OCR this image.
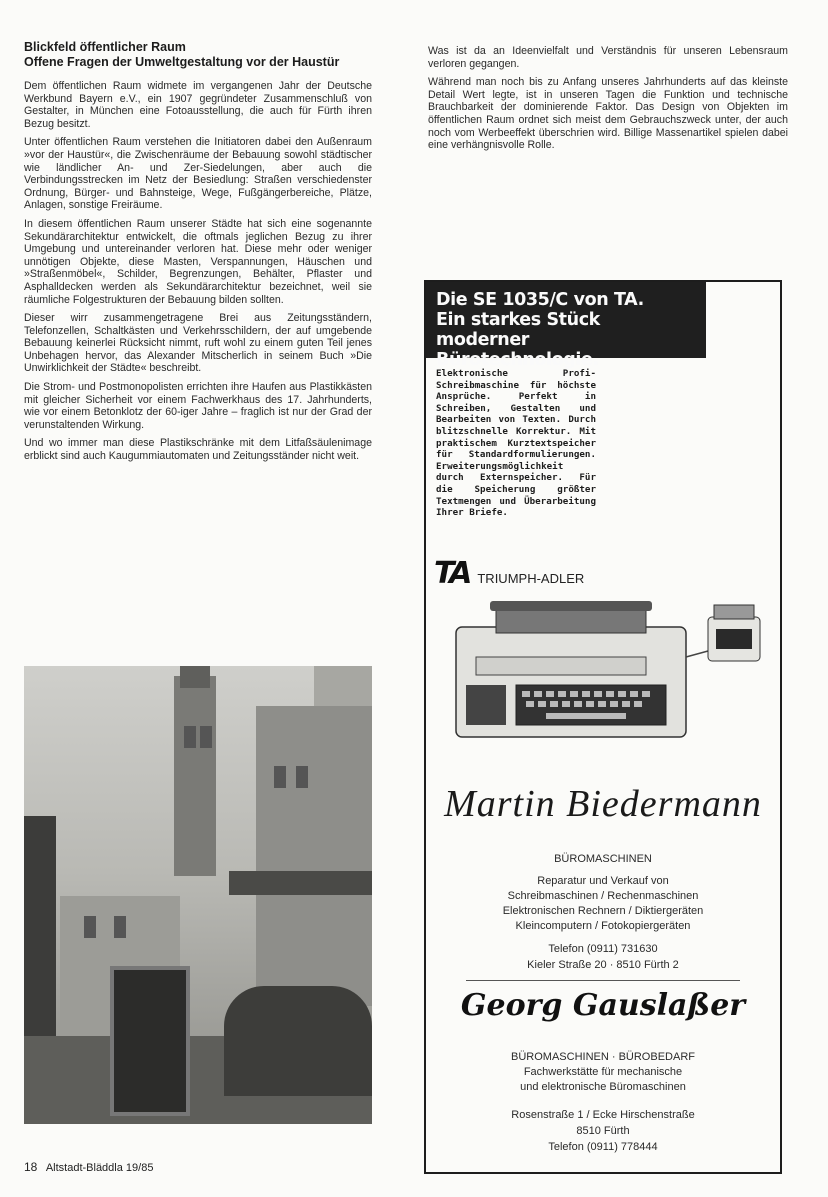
Blickfeld öffentlicher Raum
Offene Fragen der Umweltgestaltung vor der Haustür

Dem öffentlichen Raum widmete im vergangenen Jahr der Deutsche Werkbund Bayern e.V., ein 1907 gegründeter Zusammenschluß von Gestalter, in München eine Fotoausstellung, die auch für Fürth ihren Bezug besitzt.

Unter öffentlichen Raum verstehen die Initiatoren dabei den Außenraum »vor der Haustür«, die Zwischenräume der Bebauung sowohl städtischer wie ländlicher An- und Zer-Siedelungen, aber auch die Verbindungsstrecken im Netz der Besiedlung: Straßen verschiedenster Ordnung, Bürger- und Bahnsteige, Wege, Fußgängerbereiche, Plätze, Anlagen, sonstige Freiräume.

In diesem öffentlichen Raum unserer Städte hat sich eine sogenannte Sekundärarchitektur entwickelt, die oftmals jeglichen Bezug zu ihrer Umgebung und untereinander verloren hat. Diese mehr oder weniger unnötigen Objekte, diese Masten, Verspannungen, Häuschen und »Straßenmöbel«, Schilder, Begrenzungen, Behälter, Pflaster und Asphalldecken werden als Sekundärarchitektur bezeichnet, weil sie räumliche Folgestrukturen der Bebauung bilden sollten.

Dieser wirr zusammengetragene Brei aus Zeitungsständern, Telefonzellen, Schaltkästen und Verkehrsschildern, der auf umgebende Bebauung keinerlei Rücksicht nimmt, ruft wohl zu einem guten Teil jenes Unbehagen hervor, das Alexander Mitscherlich in seinem Buch »Die Unwirklichkeit der Städte« beschreibt.

Die Strom- und Postmonopolisten errichten ihre Haufen aus Plastikkästen mit gleicher Sicherheit vor einem Fachwerkhaus des 17. Jahrhunderts, wie vor einem Betonklotz der 60-iger Jahre – fraglich ist nur der Grad der verunstaltenden Wirkung.

Und wo immer man diese Plastikschränke mit dem Litfaßsäulenimage erblickt sind auch Kaugummiautomaten und Zeitungsständer nicht weit.

Was ist da an Ideenvielfalt und Verständnis für unseren Lebensraum verloren gegangen.

Während man noch bis zu Anfang unseres Jahrhunderts auf das kleinste Detail Wert legte, ist in unseren Tagen die Funktion und technische Brauchbarkeit der dominierende Faktor. Das Design von Objekten im öffentlichen Raum ordnet sich meist dem Gebrauchszweck unter, der auch noch vom Werbeeffekt überschrien wird. Billige Massenartikel spielen dabei eine verhängnisvolle Rolle.

Die SE 1035/C von TA.
Ein starkes Stück moderner
Bürotechnologie.
Elektronische Profi-Schreibmaschine für höchste Ansprüche. Perfekt in Schreiben, Gestalten und Bearbeiten von Texten. Durch blitzschnelle Korrektur. Mit praktischem Kurztextspeicher für Standardformulierungen. Erweiterungsmöglichkeit durch Externspeicher. Für die Speicherung größter Textmengen und Überarbeitung Ihrer Briefe.
TA TRIUMPH-ADLER
Martin Biedermann
BÜROMASCHINEN
Reparatur und Verkauf von
Schreibmaschinen / Rechenmaschinen
Elektronischen Rechnern / Diktiergeräten
Kleincomputern / Fotokopiergeräten
Telefon (0911) 731630
Kieler Straße 20 · 8510 Fürth 2
Georg Gauslaßer
BÜROMASCHINEN · BÜROBEDARF
Fachwerkstätte für mechanische
und elektronische Büromaschinen
Rosenstraße 1 / Ecke Hirschenstraße
8510 Fürth
Telefon (0911) 778444
18 Altstadt-Bläddla 19/85
